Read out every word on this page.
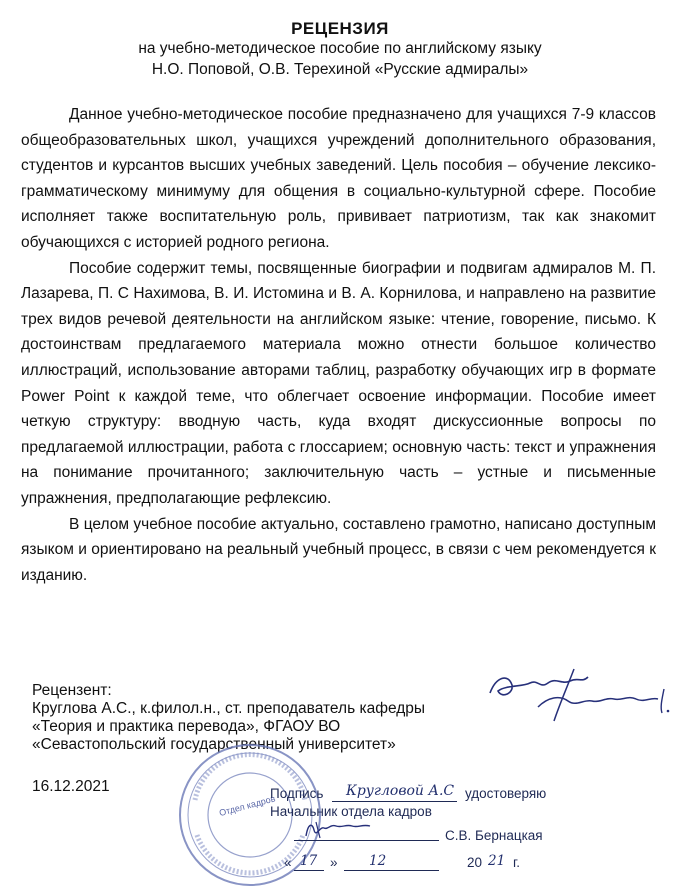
РЕЦЕНЗИЯ
на учебно-методическое пособие по английскому языку
Н.О. Поповой, О.В. Терехиной «Русские адмиралы»

Данное учебно-методическое пособие предназначено для учащихся 7-9 классов общеобразовательных школ, учащихся учреждений дополнительного образования, студентов и курсантов высших учебных заведений. Цель пособия – обучение лексико-грамматическому минимуму для общения в социально-культурной сфере. Пособие исполняет также воспитательную роль, прививает патриотизм, так как знакомит обучающихся с историей родного региона.

Пособие содержит темы, посвященные биографии и подвигам адмиралов М. П. Лазарева, П. С Нахимова, В. И. Истомина и В. А. Корнилова, и направлено на развитие трех видов речевой деятельности на английском языке: чтение, говорение, письмо. К достоинствам предлагаемого материала можно отнести большое количество иллюстраций, использование авторами таблиц, разработку обучающих игр в формате Power Point к каждой теме, что облегчает освоение информации. Пособие имеет четкую структуру: вводную часть, куда входят дискуссионные вопросы по предлагаемой иллюстрации, работа с глоссарием; основную часть: текст и упражнения на понимание прочитанного; заключительную часть – устные и письменные упражнения, предполагающие рефлексию.

В целом учебное пособие актуально, составлено грамотно, написано доступным языком и ориентировано на реальный учебный процесс, в связи с чем рекомендуется к изданию.

Рецензент:
Круглова А.С., к.филол.н., ст. преподаватель кафедры
«Теория и практика перевода», ФГАОУ ВО
«Севастопольский государственный университет»
16.12.2021
Отдел кадров
Подпись Кругловой А.С удостоверяю
Начальник отдела кадров
С.В. Бернацкая
« 17 » 12	20 21 г.
